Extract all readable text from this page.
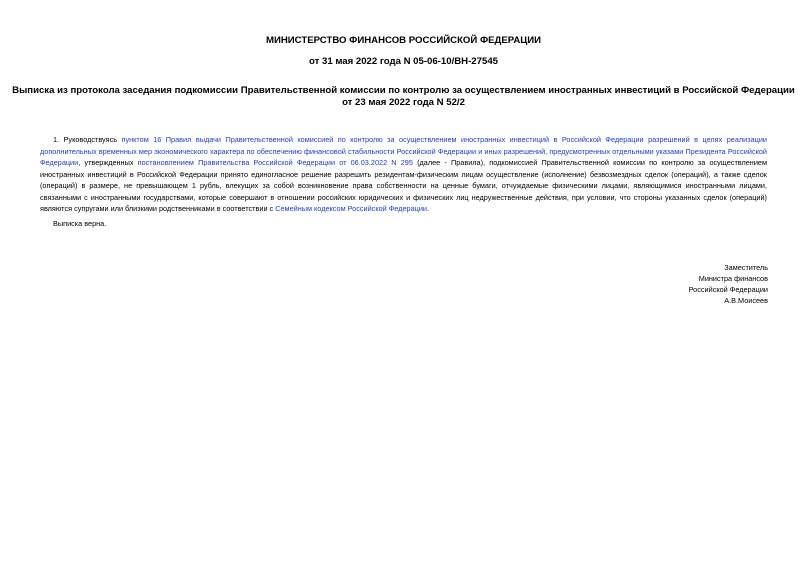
МИНИСТЕРСТВО ФИНАНСОВ РОССИЙСКОЙ ФЕДЕРАЦИИ

от 31 мая 2022 года N 05-06-10/ВН-27545

Выписка из протокола заседания подкомиссии Правительственной комиссии по контролю за осуществлением иностранных инвестиций в Российской Федерации
от 23 мая 2022 года N 52/2

1. Руководствуясь пунктом 16 Правил выдачи Правительственной комиссией по контролю за осуществлением иностранных инвестиций в Российской Федерации разрешений в целях реализации дополнительных временных мер экономического характера по обеспечению финансовой стабильности Российской Федерации и иных разрешений, предусмотренных отдельными указами Президента Российской Федерации, утвержденных постановлением Правительства Российской Федерации от 06.03.2022 N 295 (далее - Правила), подкомиссией Правительственной комиссии по контролю за осуществлением иностранных инвестиций в Российской Федерации принято единогласное решение разрешить резидентам-физическим лицам осуществление (исполнение) безвозмездных сделок (операций), а также сделок (операций) в размере, не превышающем 1 рубль, влекущих за собой возникновение права собственности на ценные бумаги, отчуждаемые физическими лицами, являющимися иностранными лицами, связанными с иностранными государствами, которые совершают в отношении российских юридических и физических лиц недружественные действия, при условии, что стороны указанных сделок (операций) являются супругами или близкими родственниками в соответствии с Семейным кодексом Российской Федерации.

Выписка верна.

Заместитель
Министра финансов
Российской Федерации
А.В.Моисеев
